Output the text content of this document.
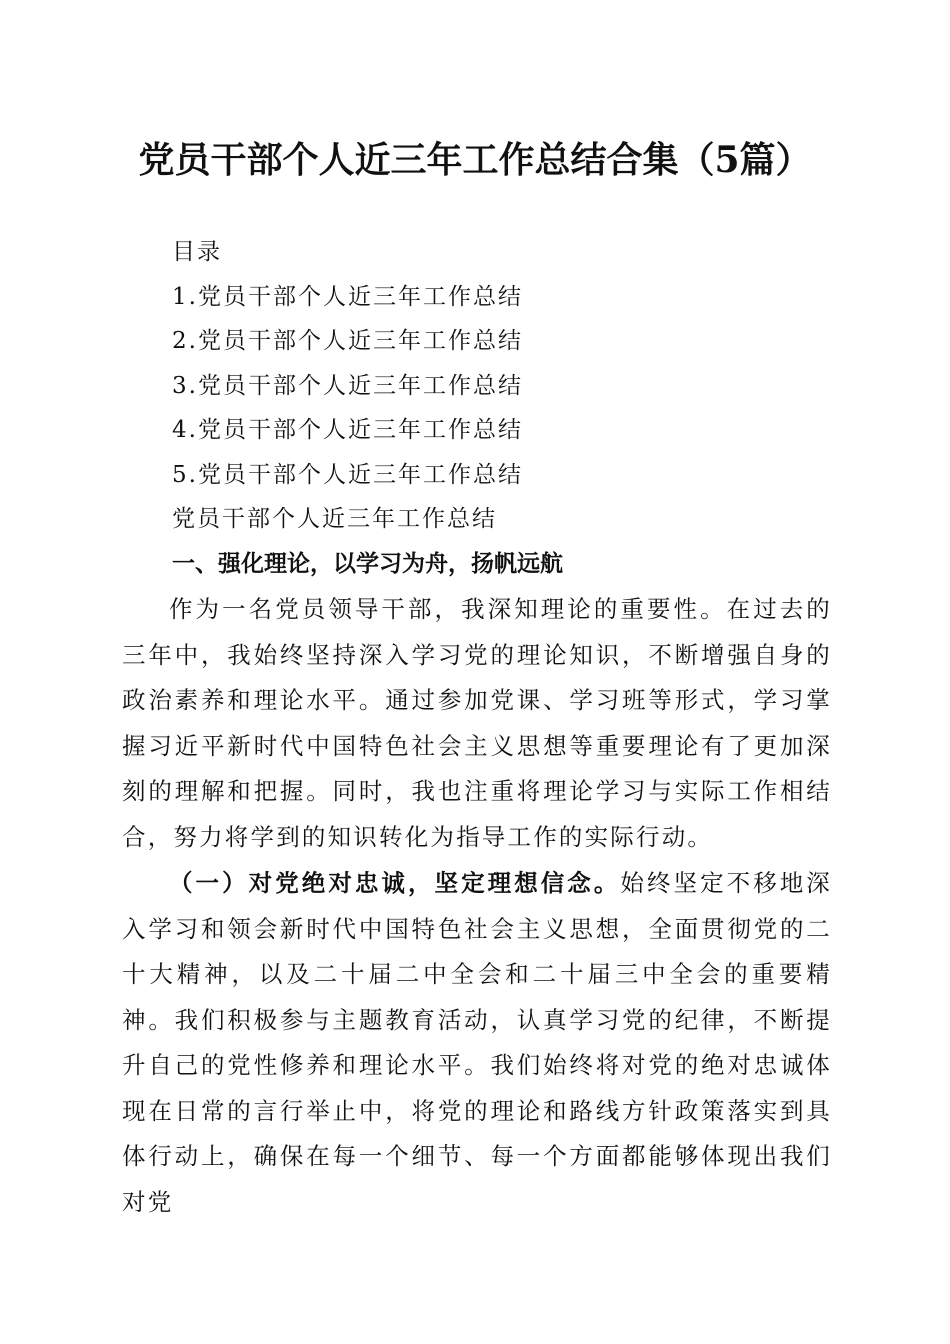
党员干部个人近三年工作总结合集（5篇）
目录
1.党员干部个人近三年工作总结
2.党员干部个人近三年工作总结
3.党员干部个人近三年工作总结
4.党员干部个人近三年工作总结
5.党员干部个人近三年工作总结
党员干部个人近三年工作总结
一、强化理论，以学习为舟，扬帆远航

作为一名党员领导干部，我深知理论的重要性。在过去的三年中，我始终坚持深入学习党的理论知识，不断增强自身的政治素养和理论水平。通过参加党课、学习班等形式，学习掌握习近平新时代中国特色社会主义思想等重要理论有了更加深刻的理解和把握。同时，我也注重将理论学习与实际工作相结合，努力将学到的知识转化为指导工作的实际行动。

（一）对党绝对忠诚，坚定理想信念。始终坚定不移地深入学习和领会新时代中国特色社会主义思想，全面贯彻党的二十大精神，以及二十届二中全会和二十届三中全会的重要精神。我们积极参与主题教育活动，认真学习党的纪律，不断提升自己的党性修养和理论水平。我们始终将对党的绝对忠诚体现在日常的言行举止中，将党的理论和路线方针政策落实到具体行动上，确保在每一个细节、每一个方面都能够体现出我们对党
